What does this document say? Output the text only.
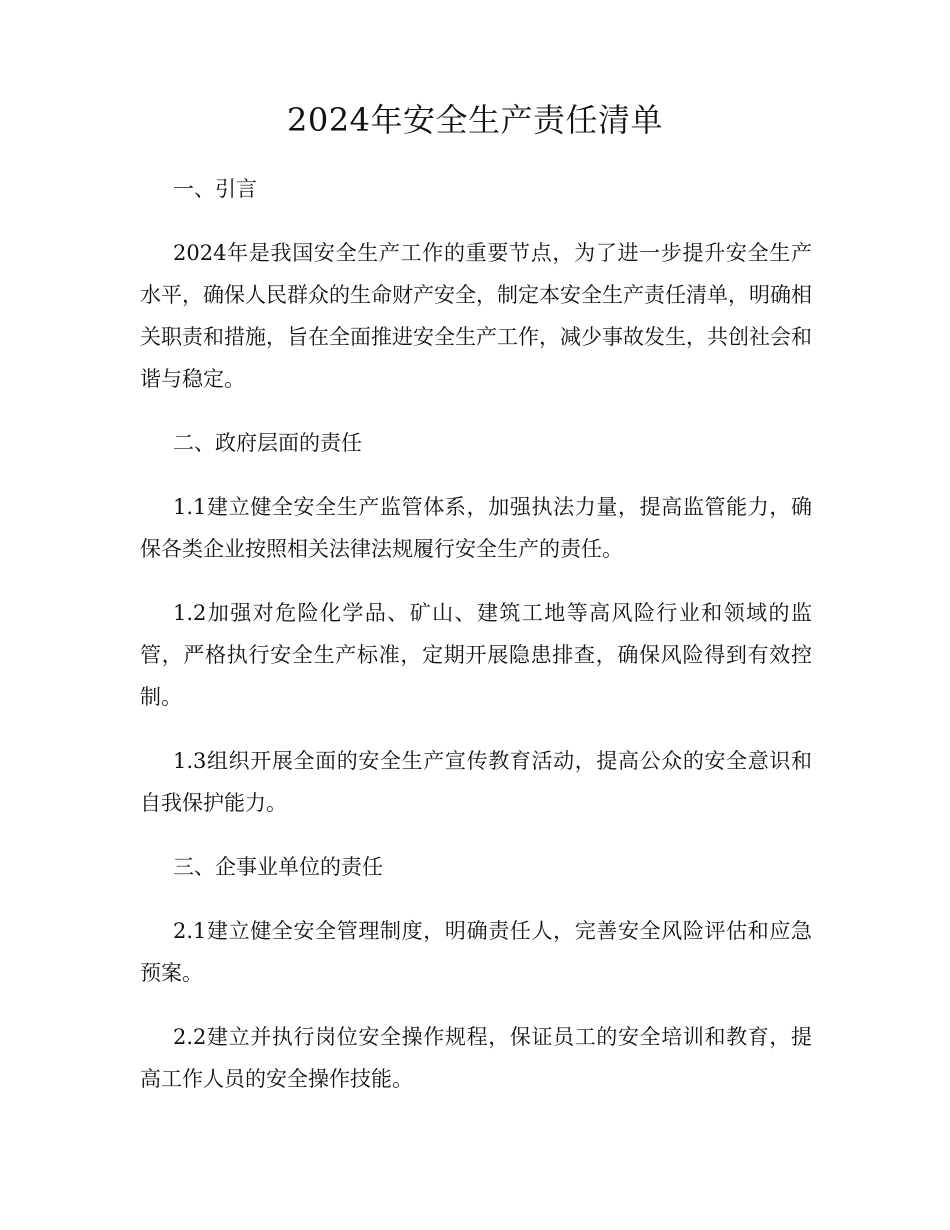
2024年安全生产责任清单

一、引言

2024年是我国安全生产工作的重要节点，为了进一步提升安全生产水平，确保人民群众的生命财产安全，制定本安全生产责任清单，明确相关职责和措施，旨在全面推进安全生产工作，减少事故发生，共创社会和谐与稳定。

二、政府层面的责任

1.1建立健全安全生产监管体系，加强执法力量，提高监管能力，确保各类企业按照相关法律法规履行安全生产的责任。

1.2加强对危险化学品、矿山、建筑工地等高风险行业和领域的监管，严格执行安全生产标准，定期开展隐患排查，确保风险得到有效控制。

1.3组织开展全面的安全生产宣传教育活动，提高公众的安全意识和自我保护能力。

三、企事业单位的责任

2.1建立健全安全管理制度，明确责任人，完善安全风险评估和应急预案。

2.2建立并执行岗位安全操作规程，保证员工的安全培训和教育，提高工作人员的安全操作技能。
